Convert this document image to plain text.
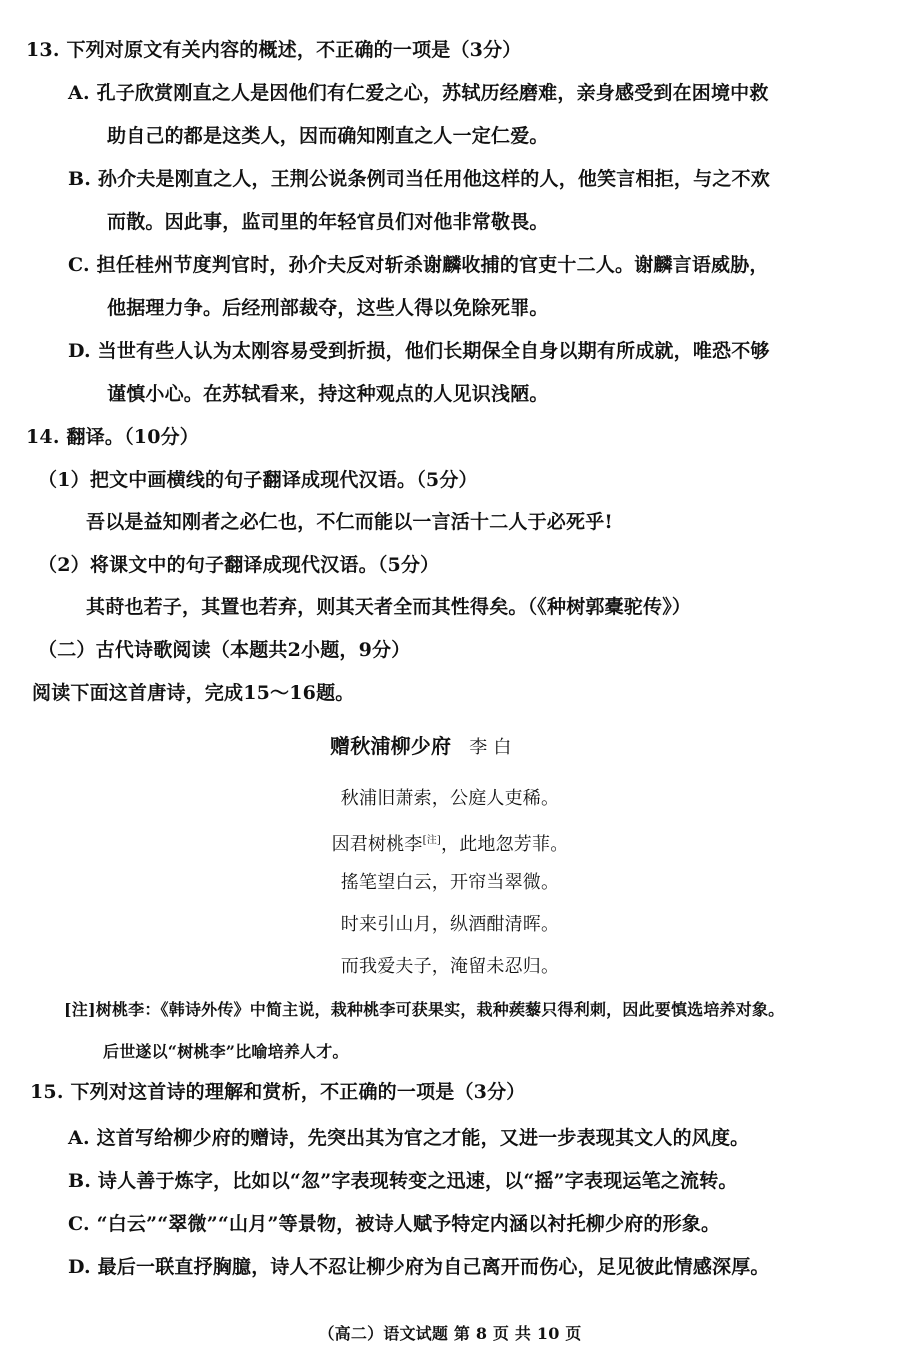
13. 下列对原文有关内容的概述，不正确的一项是（3分）
A. 孔子欣赏刚直之人是因他们有仁爱之心，苏轼历经磨难，亲身感受到在困境中救
助自己的都是这类人，因而确知刚直之人一定仁爱。
B. 孙介夫是刚直之人，王荆公说条例司当任用他这样的人，他笑言相拒，与之不欢
而散。因此事，监司里的年轻官员们对他非常敬畏。
C. 担任桂州节度判官时，孙介夫反对斩杀谢麟收捕的官吏十二人。谢麟言语威胁，
他据理力争。后经刑部裁夺，这些人得以免除死罪。
D. 当世有些人认为太刚容易受到折损，他们长期保全自身以期有所成就，唯恐不够
谨慎小心。在苏轼看来，持这种观点的人见识浅陋。
14. 翻译。（10分）
（1）把文中画横线的句子翻译成现代汉语。（5分）
吾以是益知刚者之必仁也，不仁而能以一言活十二人于必死乎!
（2）将课文中的句子翻译成现代汉语。（5分）
其莳也若子，其置也若弃，则其天者全而其性得矣。（《种树郭橐驼传》）
（二）古代诗歌阅读（本题共2小题，9分）
阅读下面这首唐诗，完成15～16题。
赠秋浦柳少府 李 白
秋浦旧萧索，公庭人吏稀。
因君树桃李[注]，此地忽芳菲。
搖笔望白云，开帘当翠微。
时来引山月，纵酒酣清晖。
而我爱夫子，淹留未忍归。
[注]树桃李：《韩诗外传》中简主说，栽种桃李可获果实，栽种蒺藜只得利刺，因此要慎选培养对象。
后世遂以“树桃李”比喻培养人才。
15. 下列对这首诗的理解和赏析，不正确的一项是（3分）
A. 这首写给柳少府的赠诗，先突出其为官之才能，又进一步表现其文人的风度。
B. 诗人善于炼字，比如以“忽”字表现转变之迅速，以“摇”字表现运笔之流转。
C. “白云”“翠微”“山月”等景物，被诗人赋予特定内涵以衬托柳少府的形象。
D. 最后一联直抒胸臆，诗人不忍让柳少府为自己离开而伤心，足见彼此情感深厚。
（高二）语文试题 第 8 页 共 10 页
